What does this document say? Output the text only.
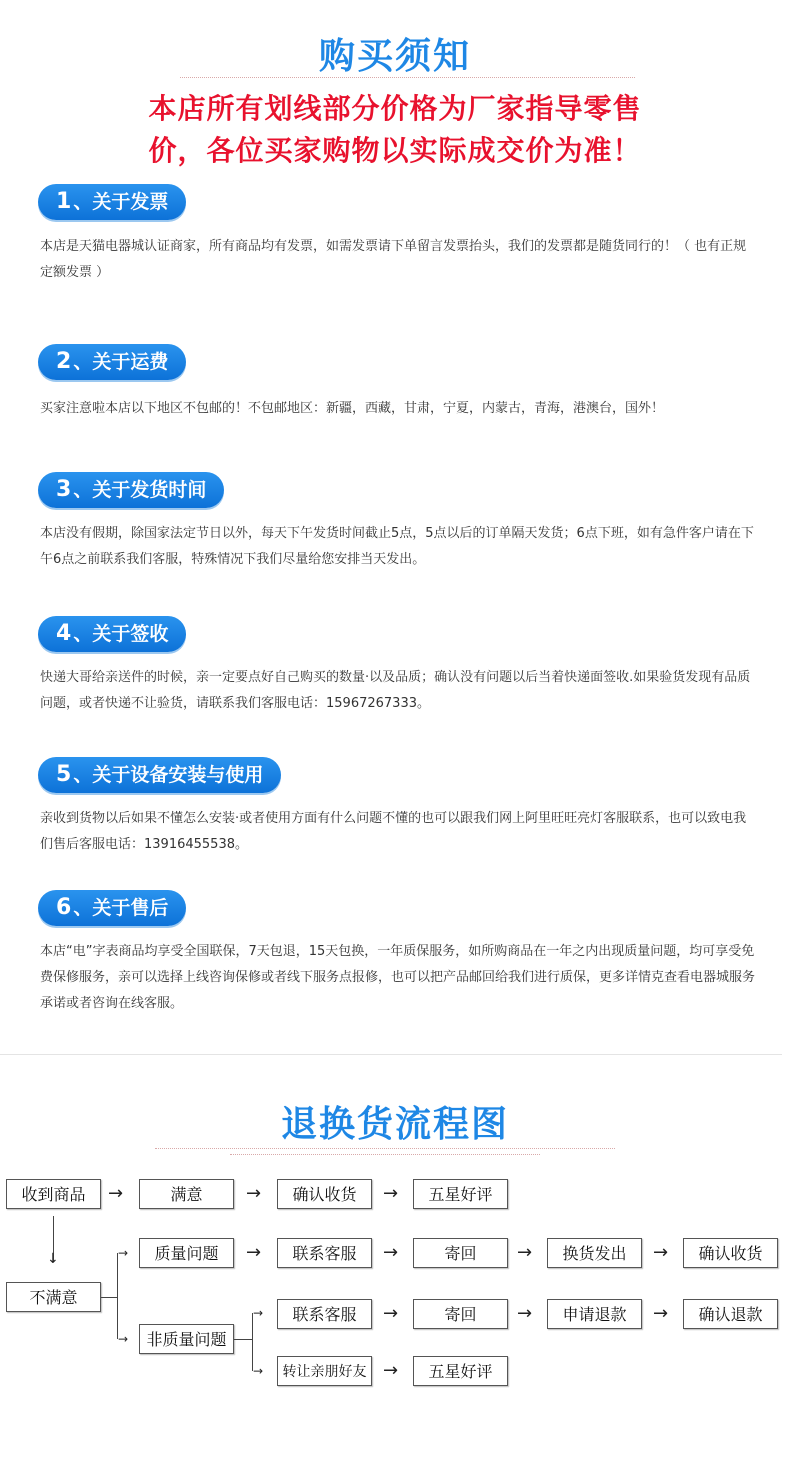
购买须知
本店所有划线部分价格为厂家指导零售
价，各位买家购物以实际成交价为准！
1 、关于发票
本店是天猫电器城认证商家，所有商品均有发票，如需发票请下单留言发票抬头，我们的发票都是随货同行的！（ 也有正规定额发票 ）
2 、关于运费
买家注意啦本店以下地区不包邮的！不包邮地区：新疆，西藏，甘肃，宁夏，内蒙古，青海，港澳台，国外！
3 、关于发货时间
本店没有假期，除国家法定节日以外，每天下午发货时间截止5点，5点以后的订单隔天发货；6点下班，如有急件客户请在下午6点之前联系我们客服，特殊情况下我们尽量给您安排当天发出。
4 、关于签收
快递大哥给亲送件的时候，亲一定要点好自己购买的数量·以及品质；确认没有问题以后当着快递面签收.如果验货发现有品质问题，或者快递不让验货，请联系我们客服电话：15967267333。
5 、关于设备安装与使用
亲收到货物以后如果不懂怎么安装·或者使用方面有什么问题不懂的也可以跟我们网上阿里旺旺亮灯客服联系，也可以致电我们售后客服电话：13916455538。
6 、关于售后
本店“电”字表商品均享受全国联保，7天包退，15天包换，一年质保服务，如所购商品在一年之内出现质量问题，均可享受免费保修服务，亲可以选择上线咨询保修或者线下服务点报修，也可以把产品邮回给我们进行质保，更多详情克查看电器城服务承诺或者咨询在线客服。
退换货流程图
收到商品	→	满意	→	确认收货	→	五星好评
↓
不满意
→
→
质量问题	→	联系客服	→	寄回	→	换货发出	→	确认收货
非质量问题
→
→
联系客服	→	寄回	→	申请退款	→	确认退款
转让亲朋好友 →	五星好评
